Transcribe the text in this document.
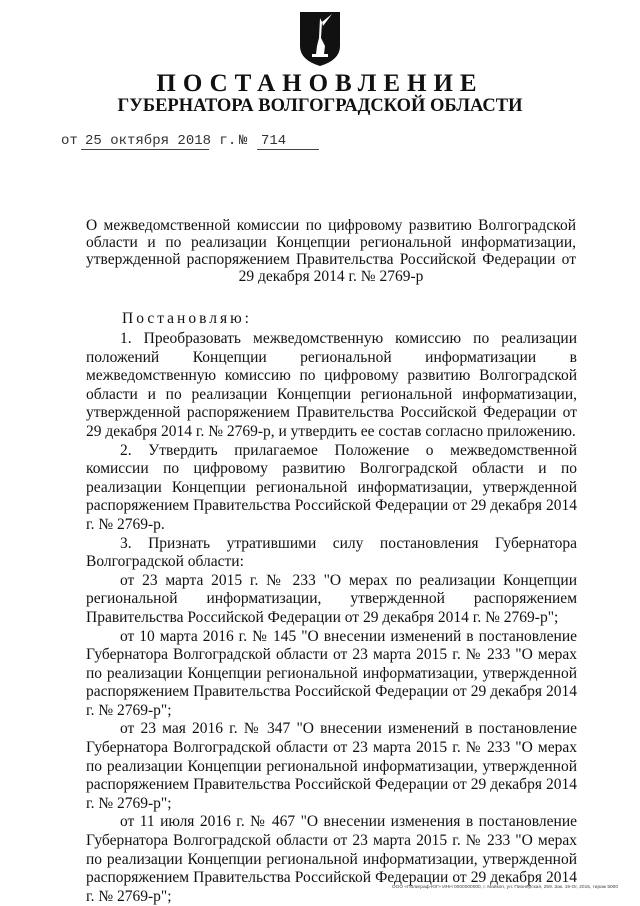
ПОСТАНОВЛЕНИЕ
ГУБЕРНАТОРА ВОЛГОГРАДСКОЙ ОБЛАСТИ
от 25 октября 2018 г. № 714
О межведомственной комиссии по цифровому развитию Волгоградской области и по реализации Концепции региональной информатизации, утвержденной распоряжением Правительства Российской Федерации от 29 декабря 2014 г. № 2769-р
Постановляю:

1. Преобразовать межведомственную комиссию по реализации положений Концепции региональной информатизации в межведомственную комиссию по цифровому развитию Волгоградской области и по реализации Концепции региональной информатизации, утвержденной распоряжением Правительства Российской Федерации от 29 декабря 2014 г. № 2769-р, и утвердить ее состав согласно приложению.

2. Утвердить прилагаемое Положение о межведомственной комиссии по цифровому развитию Волгоградской области и по реализации Концепции региональной информатизации, утвержденной распоряжением Правительства Российской Федерации от 29 декабря 2014 г. № 2769-р.

3. Признать утратившими силу постановления Губернатора Волгоградской области:

от 23 марта 2015 г. № 233 "О мерах по реализации Концепции региональной информатизации, утвержденной распоряжением Правительства Российской Федерации от 29 декабря 2014 г. № 2769-р";

от 10 марта 2016 г. № 145 "О внесении изменений в постановление Губернатора Волгоградской области от 23 марта 2015 г. № 233 "О мерах по реализации Концепции региональной информатизации, утвержденной распоряжением Правительства Российской Федерации от 29 декабря 2014 г. № 2769-р";

от 23 мая 2016 г. № 347 "О внесении изменений в постановление Губернатора Волгоградской области от 23 марта 2015 г. № 233 "О мерах по реализации Концепции региональной информатизации, утвержденной распоряжением Правительства Российской Федерации от 29 декабря 2014 г. № 2769-р";

от 11 июля 2016 г. № 467 "О внесении изменения в постановление Губернатора Волгоградской области от 23 марта 2015 г. № 233 "О мерах по реализации Концепции региональной информатизации, утвержденной распоряжением Правительства Российской Федерации от 29 декабря 2014 г. № 2769-р";

ООО «Полиграф-ЮГ» ИНН 0000000000, г. Майкоп, ул. Пионерская, 259. Зак. 19-Ог, 2015, тираж 5000
